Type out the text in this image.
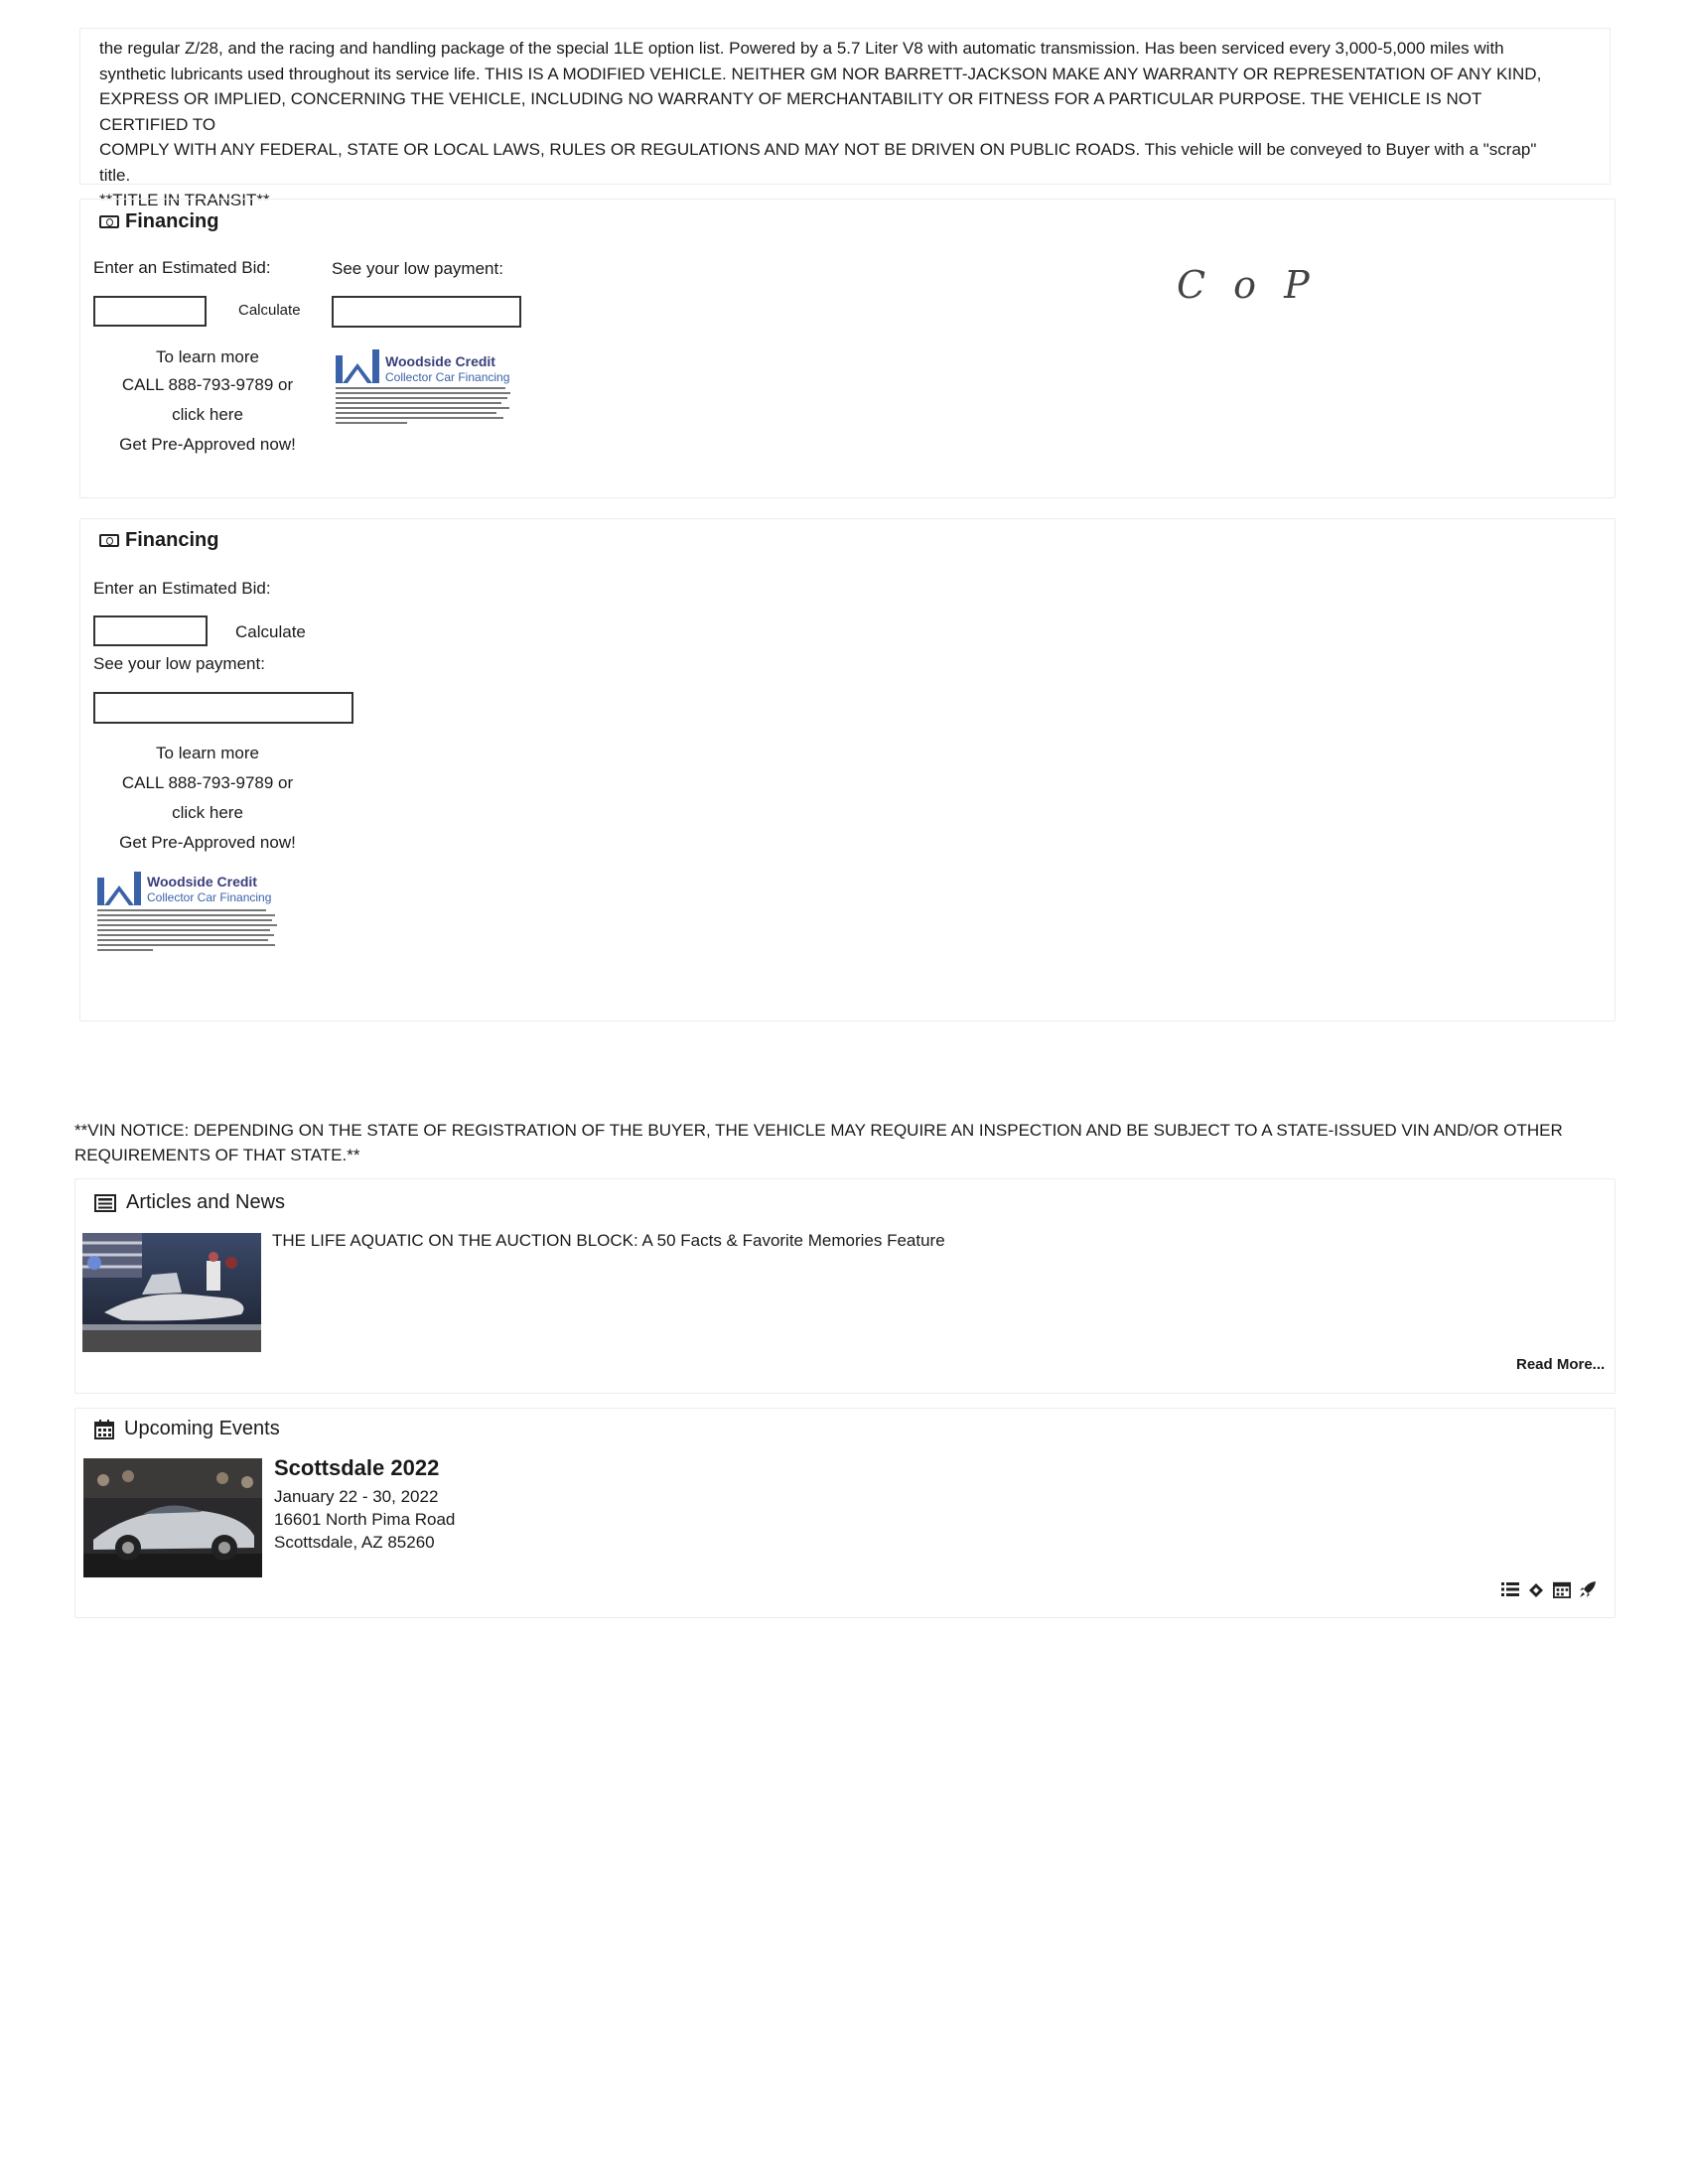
the regular Z/28, and the racing and handling package of the special 1LE option list. Powered by a 5.7 Liter V8 with automatic transmission. Has been serviced every 3,000-5,000 miles with
synthetic lubricants used throughout its service life. THIS IS A MODIFIED VEHICLE. NEITHER GM NOR BARRETT-JACKSON MAKE ANY WARRANTY OR REPRESENTATION OF ANY KIND,
EXPRESS OR IMPLIED, CONCERNING THE VEHICLE, INCLUDING NO WARRANTY OF MERCHANTABILITY OR FITNESS FOR A PARTICULAR PURPOSE. THE VEHICLE IS NOT CERTIFIED TO
COMPLY WITH ANY FEDERAL, STATE OR LOCAL LAWS, RULES OR REGULATIONS AND MAY NOT BE DRIVEN ON PUBLIC ROADS. This vehicle will be conveyed to Buyer with a "scrap" title.
**TITLE IN TRANSIT**
Financing
Enter an Estimated Bid:	See your low payment:
Calculate
To learn more
CALL 888-793-9789 or
click here
Get Pre-Approved now!
Woodside Credit
Collector Car Financing
C o P
Financing
Enter an Estimated Bid:
Calculate
See your low payment:
To learn more
CALL 888-793-9789 or
click here
Get Pre-Approved now!
Woodside Credit
Collector Car Financing
**VIN NOTICE: DEPENDING ON THE STATE OF REGISTRATION OF THE BUYER, THE VEHICLE MAY REQUIRE AN INSPECTION AND BE SUBJECT TO A STATE-ISSUED VIN AND/OR OTHER REQUIREMENTS OF THAT STATE.**
Articles and News
THE LIFE AQUATIC ON THE AUCTION BLOCK: A 50 Facts & Favorite Memories Feature
Read More...
Upcoming Events
Scottsdale 2022
January 22 - 30, 2022
16601 North Pima Road
Scottsdale, AZ 85260
